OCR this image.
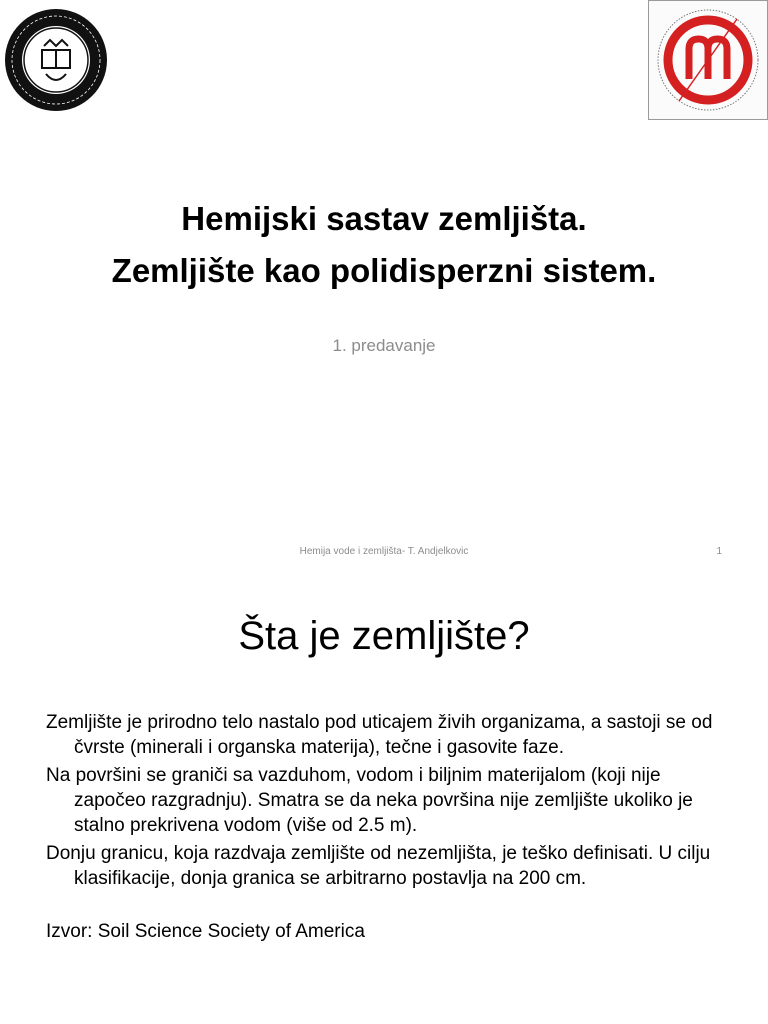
Hemijski sastav zemljišta.
Zemljište kao polidisperzni sistem.
1. predavanje
Hemija vode i zemljišta- T. Andjelkovic	1
Šta je zemljište?

Zemljište je prirodno telo nastalo pod uticajem živih organizama, a sastoji se od čvrste (minerali i organska materija), tečne i gasovite faze.

Na površini se graniči sa vazduhom, vodom i biljnim materijalom (koji nije započeo razgradnju). Smatra se da neka površina nije zemljište ukoliko je stalno prekrivena vodom (više od 2.5 m).

Donju granicu, koja razdvaja zemljište od nezemljišta, je teško definisati. U cilju klasifikacije, donja granica se arbitrarno postavlja na 200 cm.

Izvor: Soil Science Society of America
